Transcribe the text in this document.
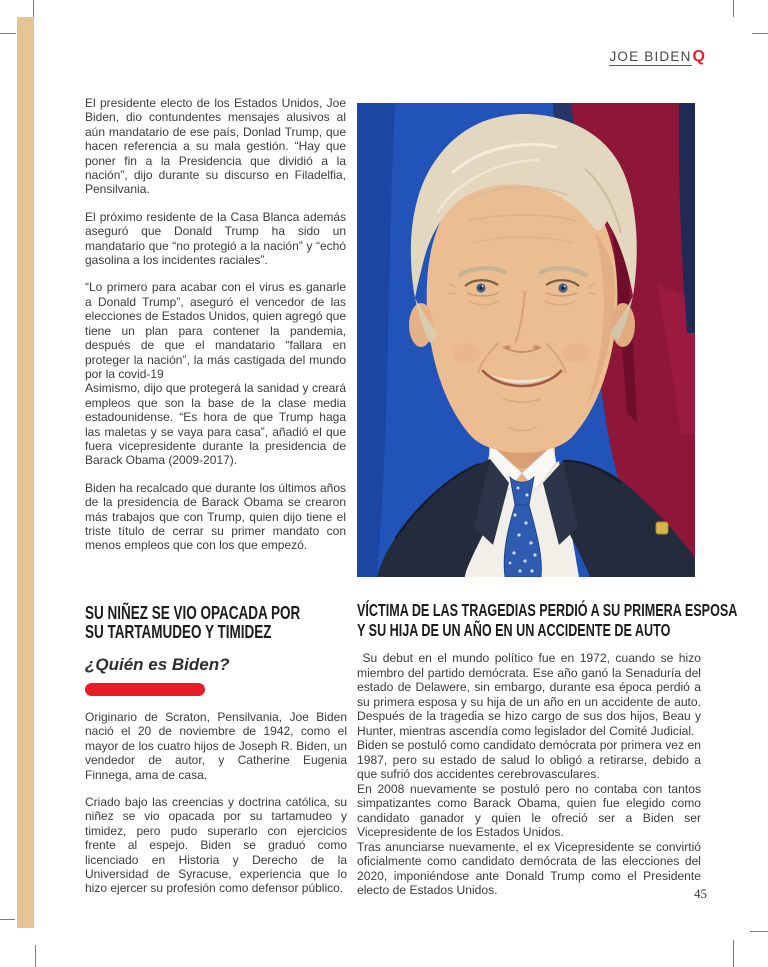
JOE BIDEN Q

El presidente electo de los Estados Unidos, Joe Biden, dio contundentes mensajes alusivos al aún mandatario de ese país, Donlad Trump, que hacen referencia a su mala gestión. “Hay que poner fin a la Presidencia que dividió a la nación”, dijo durante su discurso en Filadelfia, Pensilvania.

El próximo residente de la Casa Blanca además aseguró que Donald Trump ha sido un mandatario que “no protegió a la nación” y “echó gasolina a los incidentes raciales”.

“Lo primero para acabar con el virus es ganarle a Donald Trump”, aseguró el vencedor de las elecciones de Estados Unidos, quien agregó que tiene un plan para contener la pandemia, después de que el mandatario “fallara en proteger la nación”, la más castigada del mundo por la covid-19

Asimismo, dijo que protegerá la sanidad y creará empleos que son la base de la clase media estadounidense. “Es hora de que Trump haga las maletas y se vaya para casa”, añadió el que fuera vicepresidente durante la presidencia de Barack Obama (2009-2017).

Biden ha recalcado que durante los últimos años de la presidencia de Barack Obama se crearon más trabajos que con Trump, quien dijo tiene el triste título de cerrar su primer mandato con menos empleos que con los que empezó.

SU NIÑEZ SE VIO OPACADA POR
SU TARTAMUDEO Y TIMIDEZ
¿Quién es Biden?

Originario de Scraton, Pensilvania, Joe Biden nació el 20 de noviembre de 1942, como el mayor de los cuatro hijos de Joseph R. Biden, un vendedor de autor, y Catherine Eugenia Finnega, ama de casa.

Criado bajo las creencias y doctrina católica, su niñez se vio opacada por su tartamudeo y timidez, pero pudo superarlo con ejercicios frente al espejo. Biden se graduó como licenciado en Historia y Derecho de la Universidad de Syracuse, experiencia que lo hizo ejercer su profesión como defensor público.

VÍCTIMA DE LAS TRAGEDIAS PERDIÓ A SU PRIMERA ESPOSA
Y SU HIJA DE UN AÑO EN UN ACCIDENTE DE AUTO

Su debut en el mundo político fue en 1972, cuando se hizo miembro del partido demócrata. Ese año ganó la Senaduría del estado de Delawere, sin embargo, durante esa época perdió a su primera esposa y su hija de un año en un accidente de auto. Después de la tragedia se hizo cargo de sus dos hijos, Beau y Hunter, mientras ascendía como legislador del Comité Judicial.

Biden se postuló como candidato demócrata por primera vez en 1987, pero su estado de salud lo obligó a retirarse, debido a que sufrió dos accidentes cerebrovasculares.

En 2008 nuevamente se postuló pero no contaba con tantos simpatizantes como Barack Obama, quien fue elegido como candidato ganador y quien le ofreció ser a Biden ser Vicepresidente de los Estados Unidos.

Tras anunciarse nuevamente, el ex Vicepresidente se convirtió oficialmente como candidato demócrata de las elecciones del 2020, imponiéndose ante Donald Trump como el Presidente electo de Estados Unidos.	45
